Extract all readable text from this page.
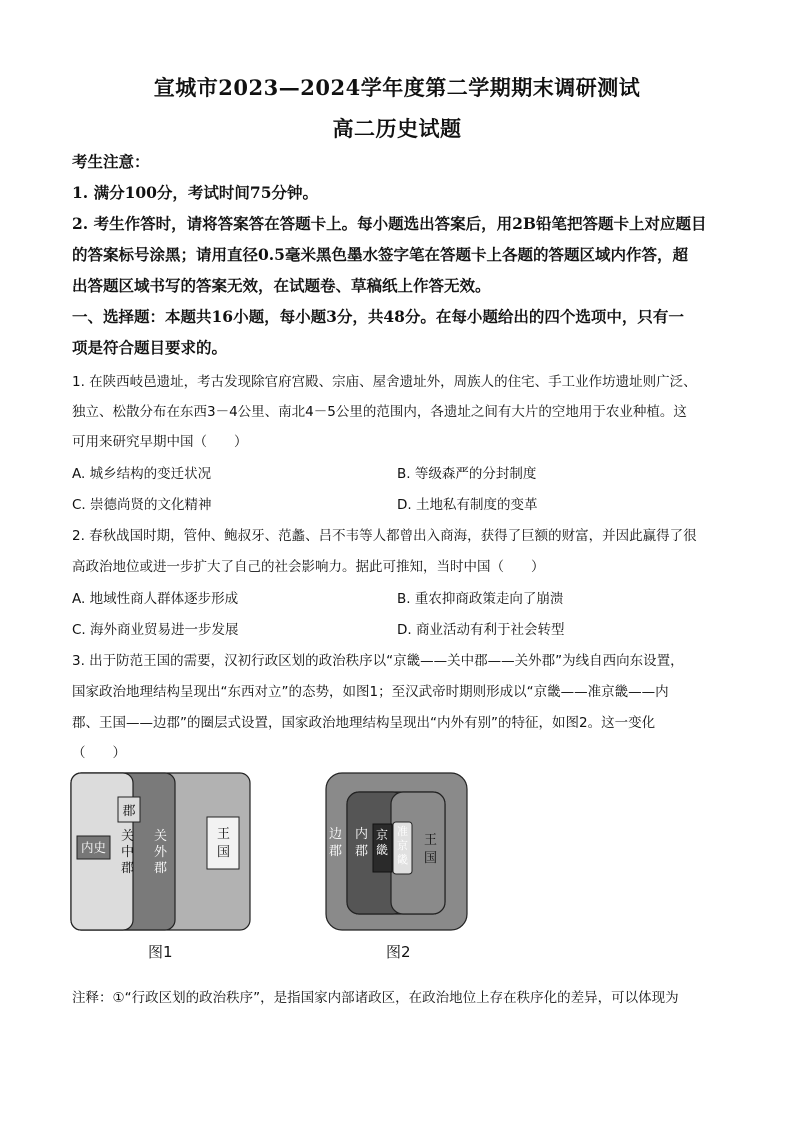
宣城市2023—2024学年度第二学期期末调研测试
高二历史试题
考生注意：
1. 满分100分，考试时间75分钟。
2. 考生作答时，请将答案答在答题卡上。每小题选出答案后，用2B铅笔把答题卡上对应题目
的答案标号涂黑；请用直径0.5毫米黑色墨水签字笔在答题卡上各题的答题区域内作答，超
出答题区域书写的答案无效，在试题卷、草稿纸上作答无效。
一、选择题：本题共16小题，每小题3分，共48分。在每小题给出的四个选项中，只有一
项是符合题目要求的。
1. 在陕西岐邑遗址，考古发现除官府宫殿、宗庙、屋舍遗址外，周族人的住宅、手工业作坊遗址则广泛、
独立、松散分布在东西3－4公里、南北4－5公里的范围内，各遗址之间有大片的空地用于农业种植。这
可用来研究早期中国（　　）
A. 城乡结构的变迁状况	B. 等级森严的分封制度
C. 崇德尚贤的文化精神	D. 土地私有制度的变革
2. 春秋战国时期，管仲、鲍叔牙、范蠡、吕不韦等人都曾出入商海，获得了巨额的财富，并因此赢得了很
高政治地位或进一步扩大了自己的社会影响力。据此可推知，当时中国（　　）
A. 地域性商人群体逐步形成	B. 重农抑商政策走向了崩溃
C. 海外商业贸易进一步发展	D. 商业活动有利于社会转型
3. 出于防范王国的需要，汉初行政区划的政治秩序以“京畿——关中郡——关外郡”为线自西向东设置，
国家政治地理结构呈现出“东西对立”的态势，如图1；至汉武帝时期则形成以“京畿——准京畿——内
郡、王国——边郡”的圈层式设置，国家政治地理结构呈现出“内外有别”的特征，如图2。这一变化
（　　）
郡
内史
关中郡
关外郡
王国
图1
边郡
内郡
京畿
准京畿
王国
图2
注释：①“行政区划的政治秩序”，是指国家内部诸政区，在政治地位上存在秩序化的差异，可以体现为
